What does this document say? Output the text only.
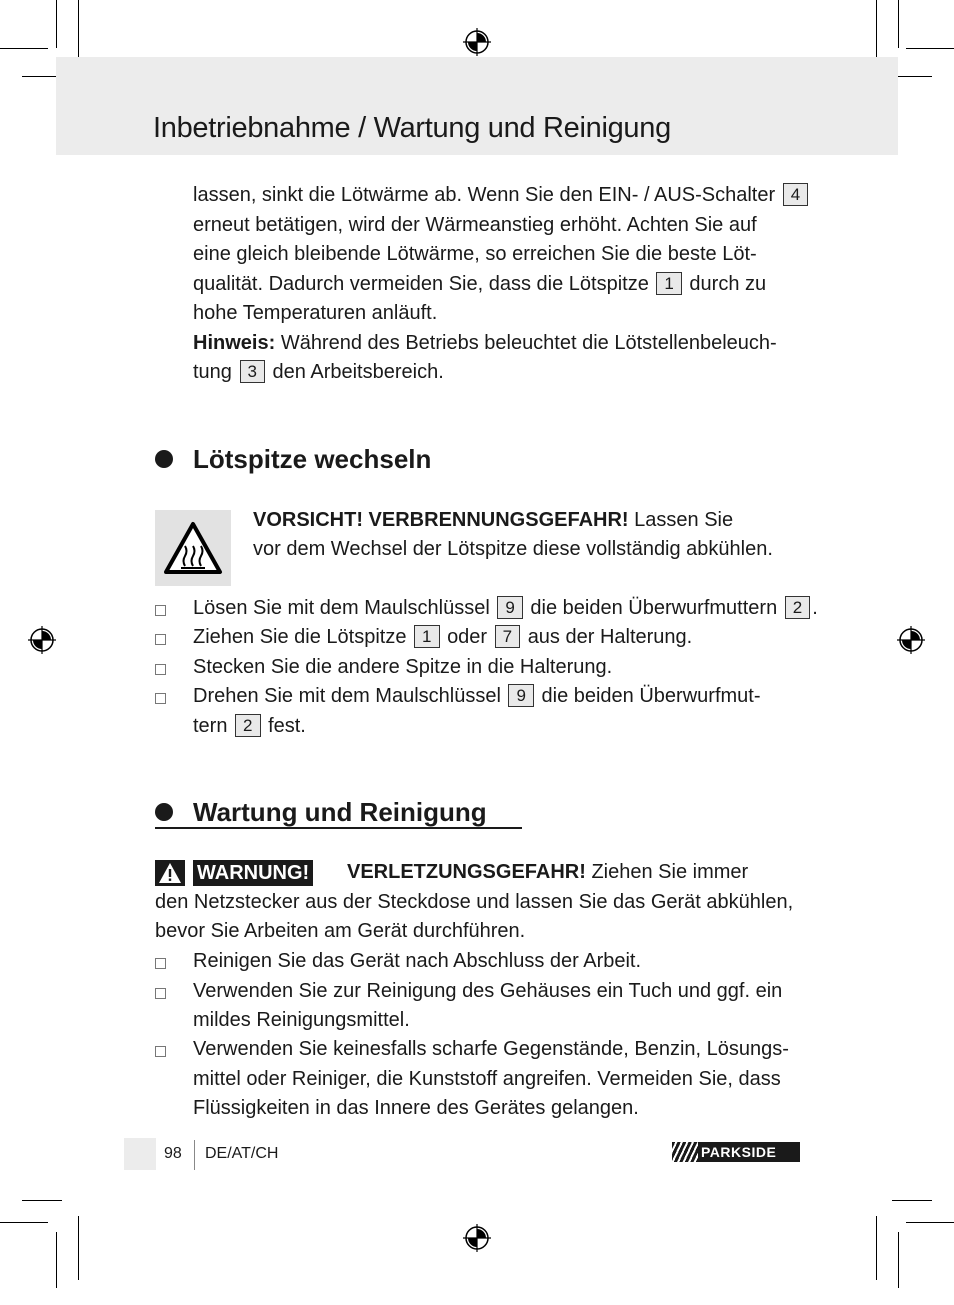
Inbetriebnahme / Wartung und Reinigung
lassen, sinkt die Lötwärme ab. Wenn Sie den EIN- / AUS-Schalter 4
erneut betätigen, wird der Wärmeanstieg erhöht. Achten Sie auf
eine gleich bleibende Lötwärme, so erreichen Sie die beste Löt-
qualität. Dadurch vermeiden Sie, dass die Lötspitze 1 durch zu
hohe Temperaturen anläuft.
Hinweis: Während des Betriebs beleuchtet die Lötstellenbeleuch-
tung 3 den Arbeitsbereich.
Lötspitze wechseln
VORSICHT! VERBRENNUNGSGEFAHR! Lassen Sie
vor dem Wechsel der Lötspitze diese vollständig abkühlen.
Lösen Sie mit dem Maulschlüssel 9 die beiden Überwurfmuttern 2 .
Ziehen Sie die Lötspitze 1 oder 7 aus der Halterung.
Stecken Sie die andere Spitze in die Halterung.
Drehen Sie mit dem Maulschlüssel 9 die beiden Überwurfmut-
tern 2 fest.
Wartung und Reinigung
WARNUNG! VERLETZUNGSGEFAHR! Ziehen Sie immer
den Netzstecker aus der Steckdose und lassen Sie das Gerät abkühlen,
bevor Sie Arbeiten am Gerät durchführen.
Reinigen Sie das Gerät nach Abschluss der Arbeit.
Verwenden Sie zur Reinigung des Gehäuses ein Tuch und ggf. ein
mildes Reinigungsmittel.
Verwenden Sie keinesfalls scharfe Gegenstände, Benzin, Lösungs-
mittel oder Reiniger, die Kunststoff angreifen. Vermeiden Sie, dass
Flüssigkeiten in das Innere des Gerätes gelangen.
98 DE/AT/CH	PARKSIDE
